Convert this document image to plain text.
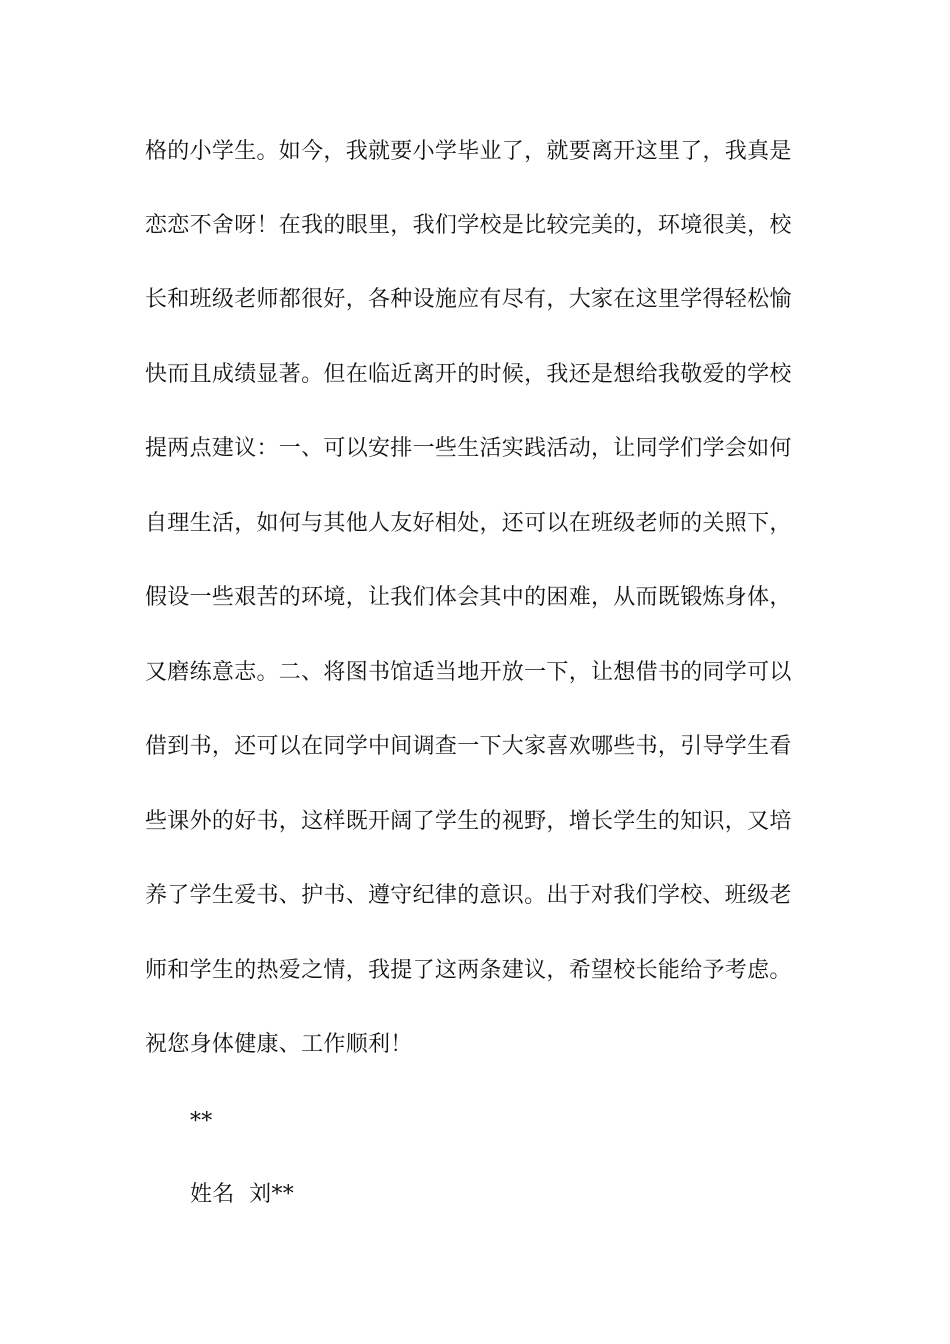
格的小学生。如今，我就要小学毕业了，就要离开这里了，我真是
恋恋不舍呀！在我的眼里，我们学校是比较完美的，环境很美，校
长和班级老师都很好，各种设施应有尽有，大家在这里学得轻松愉
快而且成绩显著。但在临近离开的时候，我还是想给我敬爱的学校
提两点建议：一、可以安排一些生活实践活动，让同学们学会如何
自理生活，如何与其他人友好相处，还可以在班级老师的关照下，
假设一些艰苦的环境，让我们体会其中的困难，从而既锻炼身体，
又磨练意志。二、将图书馆适当地开放一下，让想借书的同学可以
借到书，还可以在同学中间调查一下大家喜欢哪些书，引导学生看
些课外的好书，这样既开阔了学生的视野，增长学生的知识，又培
养了学生爱书、护书、遵守纪律的意识。出于对我们学校、班级老
师和学生的热爱之情，我提了这两条建议，希望校长能给予考虑。
祝您身体健康、工作顺利！
**
姓名  刘**
